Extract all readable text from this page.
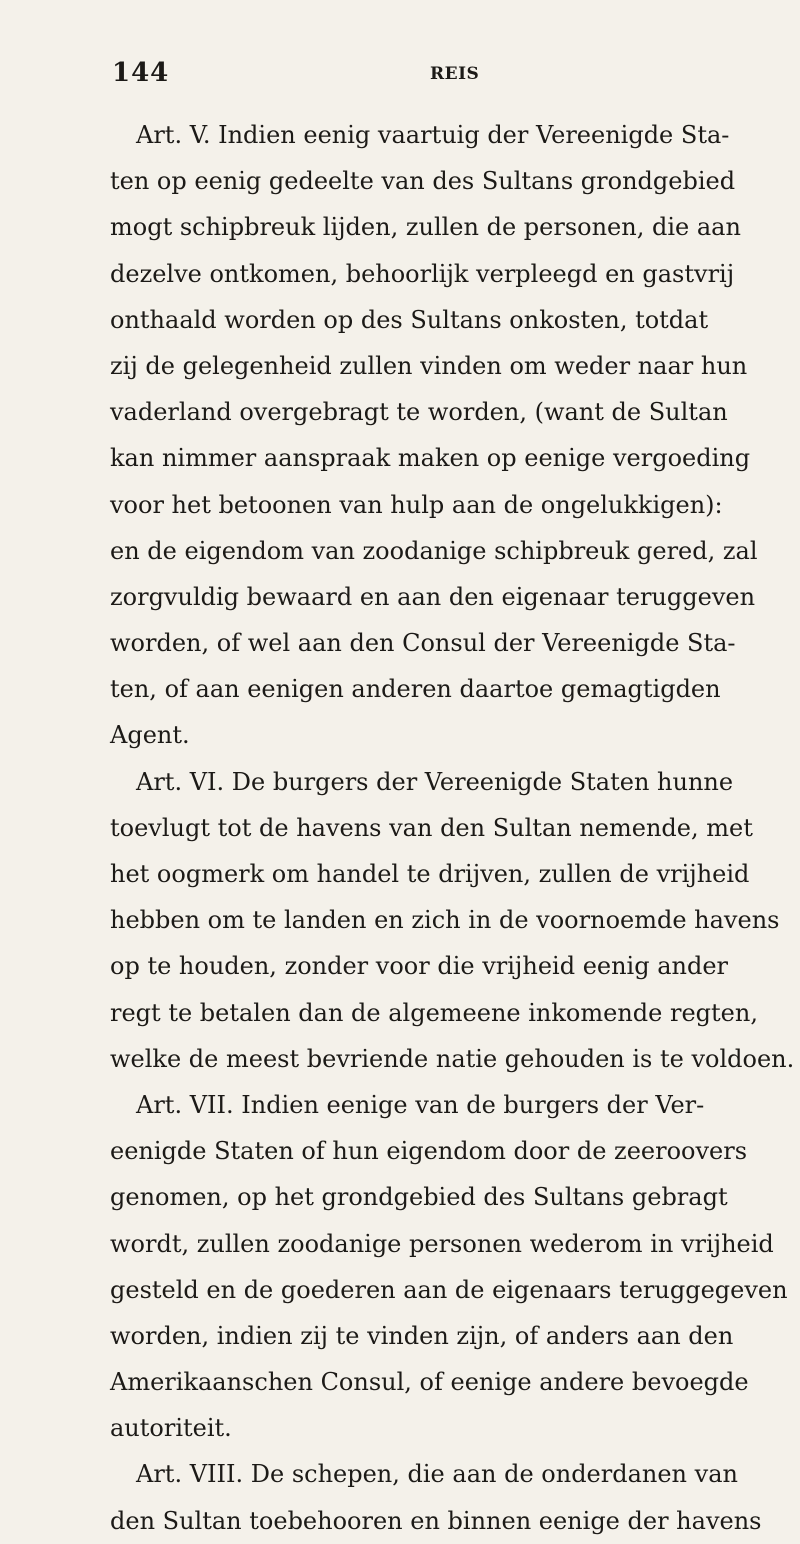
144	REIS
Art. V. Indien eenig vaartuig der Vereenigde Sta-
ten op eenig gedeelte van des Sultans grondgebied
mogt schipbreuk lijden, zullen de personen, die aan
dezelve ontkomen, behoorlijk verpleegd en gastvrij
onthaald worden op des Sultans onkosten, totdat
zij de gelegenheid zullen vinden om weder naar hun
vaderland overgebragt te worden, (want de Sultan
kan nimmer aanspraak maken op eenige vergoeding
voor het betoonen van hulp aan de ongelukkigen):
en de eigendom van zoodanige schipbreuk gered, zal
zorgvuldig bewaard en aan den eigenaar teruggeven
worden, of wel aan den Consul der Vereenigde Sta-
ten, of aan eenigen anderen daartoe gemagtigden
Agent.
Art. VI. De burgers der Vereenigde Staten hunne
toevlugt tot de havens van den Sultan nemende, met
het oogmerk om handel te drijven, zullen de vrijheid
hebben om te landen en zich in de voornoemde havens
op te houden, zonder voor die vrijheid eenig ander
regt te betalen dan de algemeene inkomende regten,
welke de meest bevriende natie gehouden is te voldoen.
Art. VII. Indien eenige van de burgers der Ver-
eenigde Staten of hun eigendom door de zeeroovers
genomen, op het grondgebied des Sultans gebragt
wordt, zullen zoodanige personen wederom in vrijheid
gesteld en de goederen aan de eigenaars teruggegeven
worden, indien zij te vinden zijn, of anders aan den
Amerikaanschen Consul, of eenige andere bevoegde
autoriteit.
Art. VIII. De schepen, die aan de onderdanen van
den Sultan toebehooren en binnen eenige der havens
